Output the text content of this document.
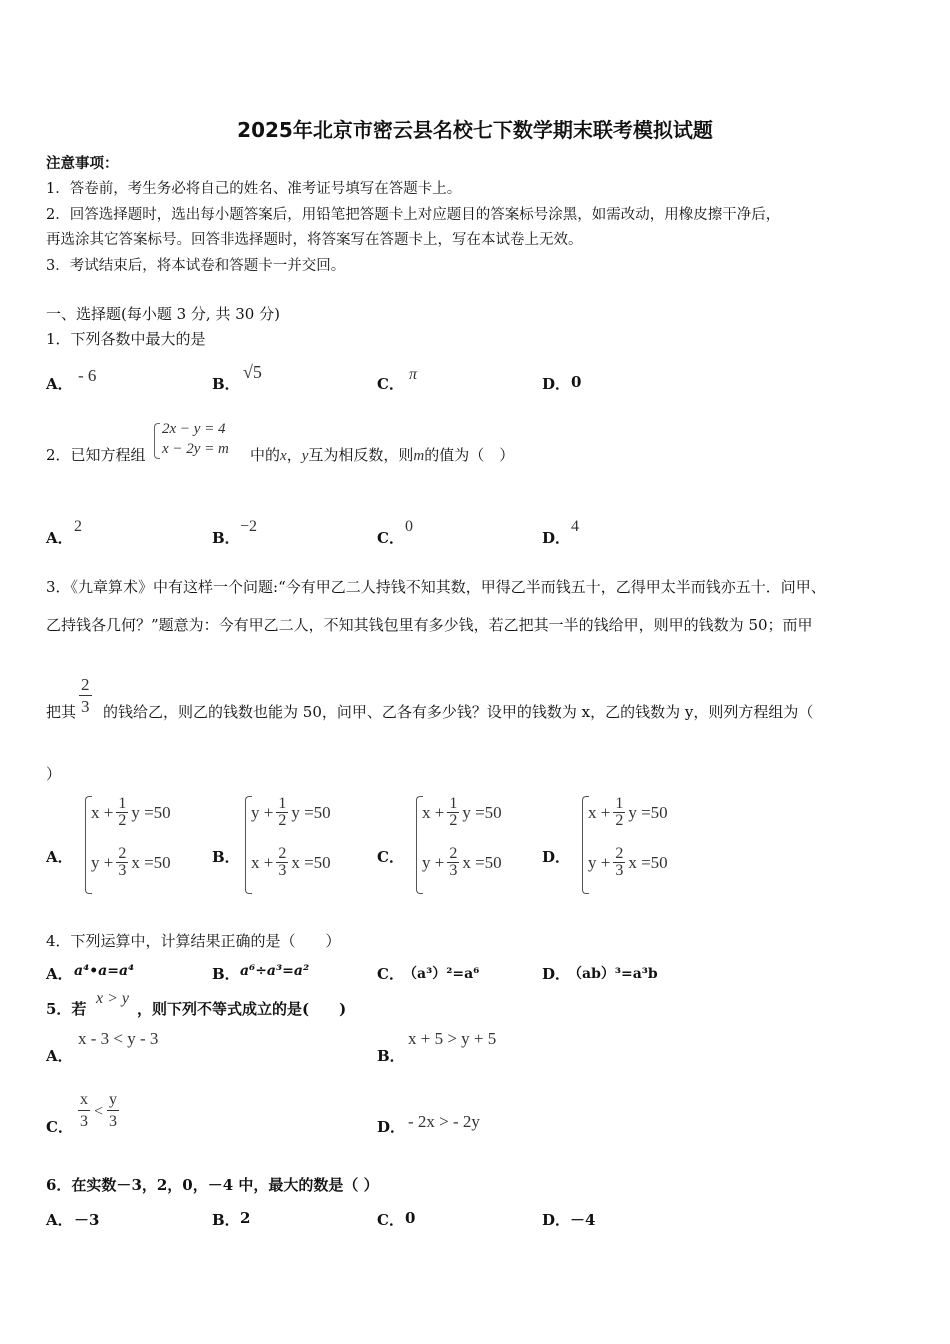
2025年北京市密云县名校七下数学期末联考模拟试题
注意事项：
1．答卷前，考生务必将自己的姓名、准考证号填写在答题卡上。
2．回答选择题时，选出每小题答案后，用铅笔把答题卡上对应题目的答案标号涂黑，如需改动，用橡皮擦干净后，
再选涂其它答案标号。回答非选择题时，将答案写在答题卡上，写在本试卷上无效。
3．考试结束后，将本试卷和答题卡一并交回。
一、选择题(每小题 3 分, 共 30 分)
1．下列各数中最大的是
A． - 6	B．
√5
C．
π
D． 0
2．已知方程组
2x − y = 4
x − 2y = m 中的x，y互为相反数，则m的值为（　）
A．
2
B．
−2
C．
0
D．
4
3．《九章算术》中有这样一个问题:“今有甲乙二人持钱不知其数，甲得乙半而钱五十，乙得甲太半而钱亦五十．问甲、
乙持钱各几何？”题意为：今有甲乙二人，不知其钱包里有多少钱，若乙把其一半的钱给甲，则甲的钱数为 50；而甲
把其 $\frac{2}{3}$ 的钱给乙，则乙的钱数也能为 50，问甲、乙各有多少钱？设甲的钱数为 x，乙的钱数为 y，则列方程组为（
）
A．
$x + \frac{1}{2}$ y =50
$y + \frac{2}{3}$ x =50	B．
$y + \frac{1}{2}$ y =50
$x + \frac{2}{3}$ x =50	C．
$x + \frac{1}{2}$ y =50
$y + \frac{2}{3}$ x =50	D．
$x + \frac{1}{2}$ y =50
$y + \frac{2}{3}$ x =50
4．下列运算中，计算结果正确的是（　　）
A． a⁴•a=a⁴	B． a⁶÷a³=a²	C． （a³）²=a⁶	D．
（ab）³=a³b
5．若
x > y
，则下列不等式成立的是(　　)
A．
x - 3 < y - 3
B．
x + 5 > y + 5
C． $\frac{x}{3} < \frac{y}{3}$	D． - 2x > - 2y
6．在实数－3，2，0，－4 中，最大的数是（ ）
A． －3	B． 2	C． 0	D． －4
